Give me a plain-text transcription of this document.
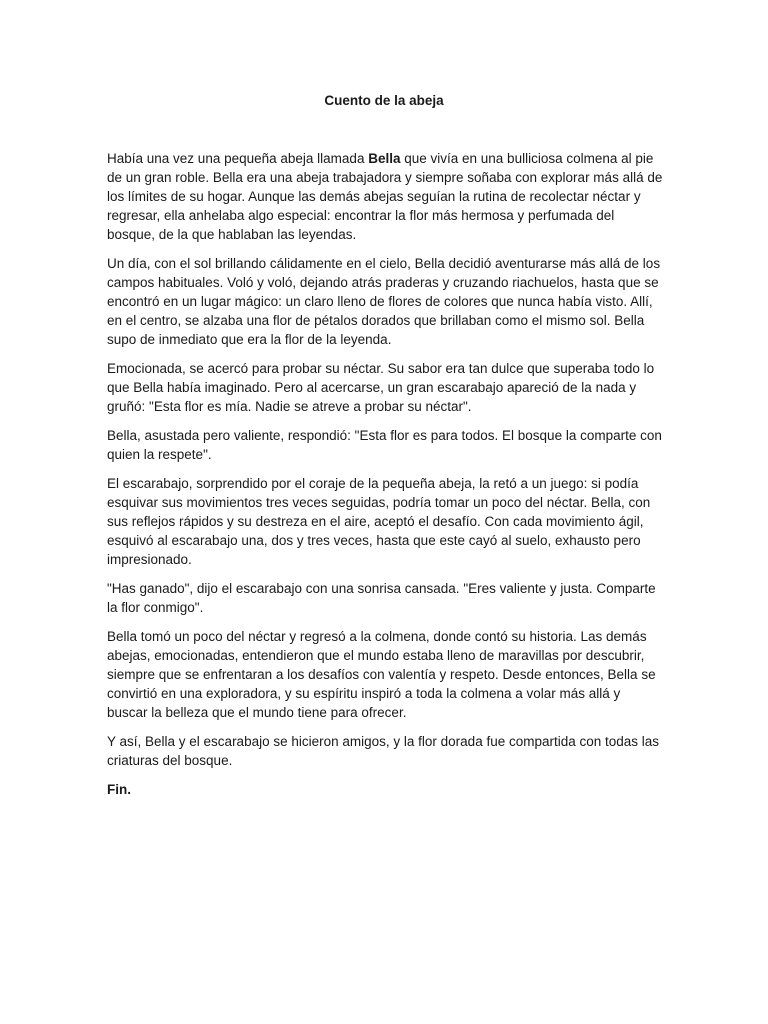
Cuento de la abeja

Había una vez una pequeña abeja llamada Bella que vivía en una bulliciosa colmena al pie de un gran roble. Bella era una abeja trabajadora y siempre soñaba con explorar más allá de los límites de su hogar. Aunque las demás abejas seguían la rutina de recolectar néctar y regresar, ella anhelaba algo especial: encontrar la flor más hermosa y perfumada del bosque, de la que hablaban las leyendas.

Un día, con el sol brillando cálidamente en el cielo, Bella decidió aventurarse más allá de los campos habituales. Voló y voló, dejando atrás praderas y cruzando riachuelos, hasta que se encontró en un lugar mágico: un claro lleno de flores de colores que nunca había visto. Allí, en el centro, se alzaba una flor de pétalos dorados que brillaban como el mismo sol. Bella supo de inmediato que era la flor de la leyenda.

Emocionada, se acercó para probar su néctar. Su sabor era tan dulce que superaba todo lo que Bella había imaginado. Pero al acercarse, un gran escarabajo apareció de la nada y gruñó: "Esta flor es mía. Nadie se atreve a probar su néctar".

Bella, asustada pero valiente, respondió: "Esta flor es para todos. El bosque la comparte con quien la respete".

El escarabajo, sorprendido por el coraje de la pequeña abeja, la retó a un juego: si podía esquivar sus movimientos tres veces seguidas, podría tomar un poco del néctar. Bella, con sus reflejos rápidos y su destreza en el aire, aceptó el desafío. Con cada movimiento ágil, esquivó al escarabajo una, dos y tres veces, hasta que este cayó al suelo, exhausto pero impresionado.

"Has ganado", dijo el escarabajo con una sonrisa cansada. "Eres valiente y justa. Comparte la flor conmigo".

Bella tomó un poco del néctar y regresó a la colmena, donde contó su historia. Las demás abejas, emocionadas, entendieron que el mundo estaba lleno de maravillas por descubrir, siempre que se enfrentaran a los desafíos con valentía y respeto. Desde entonces, Bella se convirtió en una exploradora, y su espíritu inspiró a toda la colmena a volar más allá y buscar la belleza que el mundo tiene para ofrecer.

Y así, Bella y el escarabajo se hicieron amigos, y la flor dorada fue compartida con todas las criaturas del bosque.

Fin.
